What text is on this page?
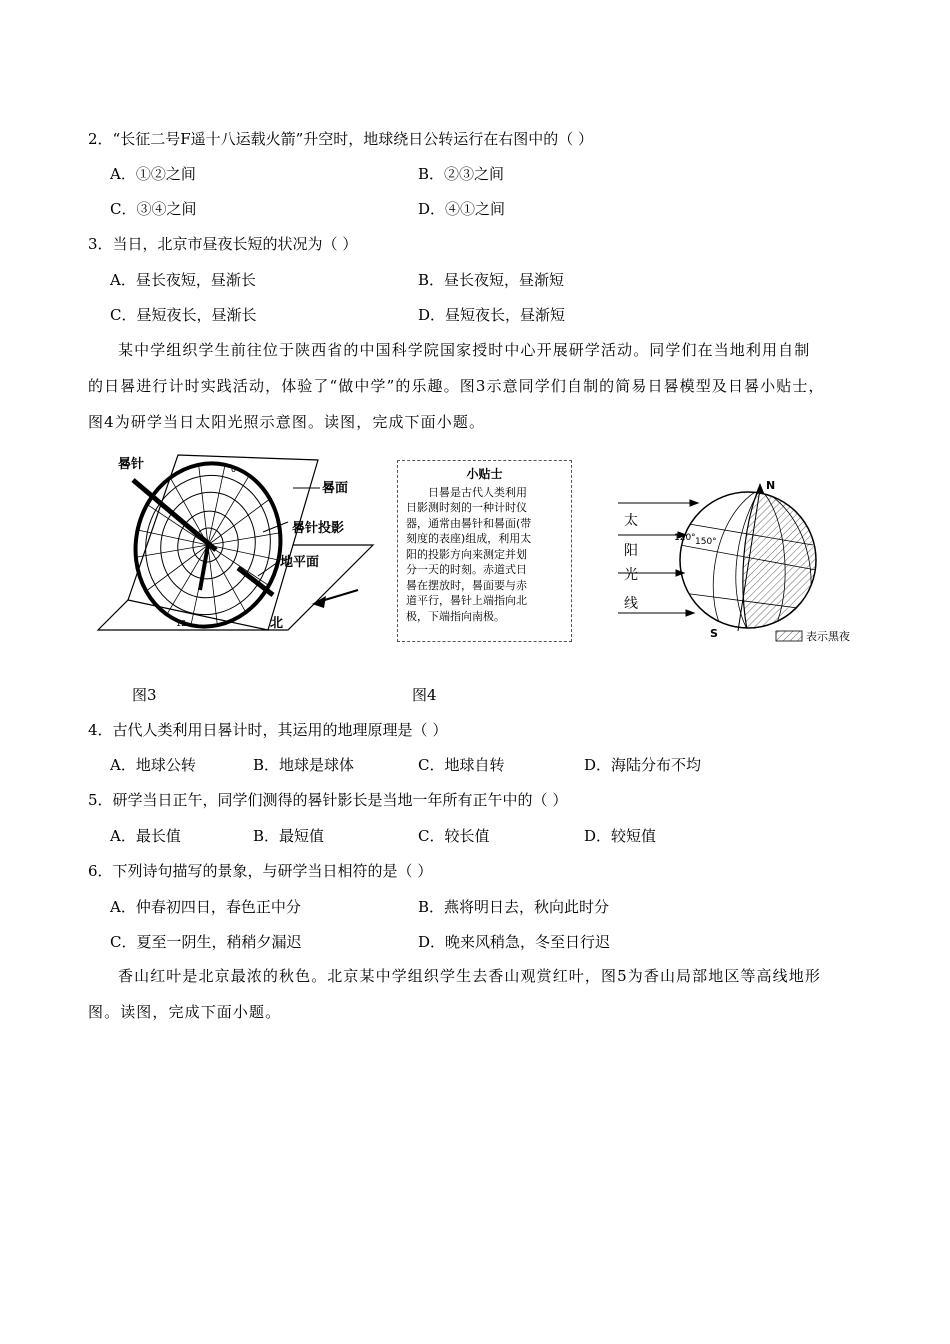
2．“长征二号F遥十八运载火箭”升空时，地球绕日公转运行在右图中的（ ）
A．①②之间	B．②③之间
C．③④之间	D．④①之间
3．当日，北京市昼夜长短的状况为（ ）
A．昼长夜短，昼渐长	B．昼长夜短，昼渐短
C．昼短夜长，昼渐长	D．昼短夜长，昼渐短
某中学组织学生前往位于陕西省的中国科学院国家授时中心开展研学活动。同学们在当地利用自制
的日晷进行计时实践活动，体验了“做中学”的乐趣。图3示意同学们自制的简易日晷模型及日晷小贴士，
图4为研学当日太阳光照示意图。读图，完成下面小题。
晷针
晷面
晷针投影
地平面
北
0
12
小贴士
日晷是古代人类利用
日影测时刻的一种计时仪
器，通常由晷针和晷面(带
刻度的表座)组成，利用太
阳的投影方向来测定并划
分一天的时刻。赤道式日
晷在摆放时，晷面要与赤
道平行，晷针上端指向北
极，下端指向南极。
太
阳
光
线
N
S
120° 150°
表示黑夜
图3	图4
4．古代人类利用日晷计时，其运用的地理原理是（ ）
A．地球公转	B．地球是球体	C．地球自转	D．海陆分布不均
5．研学当日正午，同学们测得的晷针影长是当地一年所有正午中的（ ）
A．最长值	B．最短值	C．较长值	D．较短值
6．下列诗句描写的景象，与研学当日相符的是（ ）
A．仲春初四日，春色正中分	B．燕将明日去，秋向此时分
C．夏至一阴生，稍稍夕漏迟	D．晚来风稍急，冬至日行迟
香山红叶是北京最浓的秋色。北京某中学组织学生去香山观赏红叶，图5为香山局部地区等高线地形
图。读图，完成下面小题。
